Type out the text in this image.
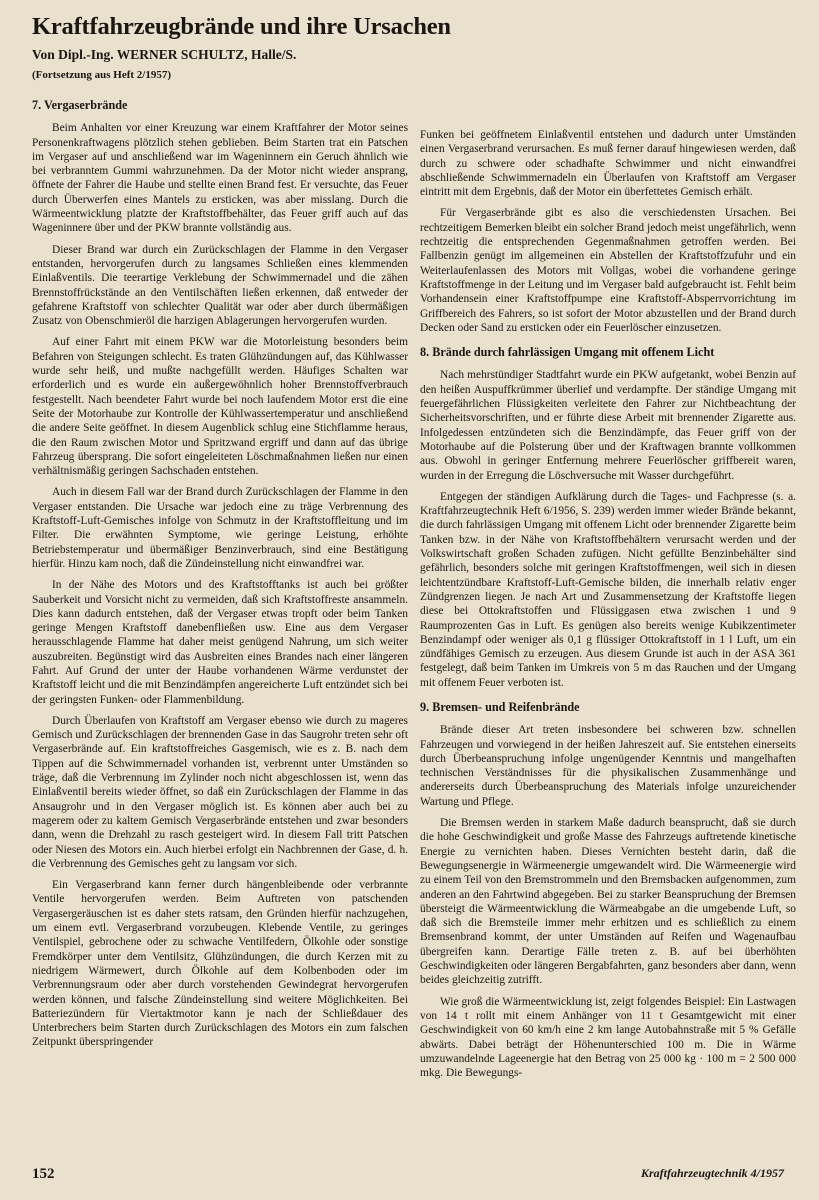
Kraftfahrzeugbrände und ihre Ursachen
Von Dipl.-Ing. WERNER SCHULTZ, Halle/S.
(Fortsetzung aus Heft 2/1957)
7. Vergaserbrände

Beim Anhalten vor einer Kreuzung war einem Kraftfahrer der Motor seines Personenkraftwagens plötzlich stehen geblieben. Beim Starten trat ein Patschen im Vergaser auf und anschließend war im Wageninnern ein Geruch ähnlich wie bei verbranntem Gummi wahrzunehmen. Da der Motor nicht wieder ansprang, öffnete der Fahrer die Haube und stellte einen Brand fest. Er versuchte, das Feuer durch Überwerfen eines Mantels zu ersticken, was aber misslang. Durch die Wärmeentwicklung platzte der Kraftstoffbehälter, das Feuer griff auch auf das Wageninnere über und der PKW brannte vollständig aus.

Dieser Brand war durch ein Zurückschlagen der Flamme in den Vergaser entstanden, hervorgerufen durch zu langsames Schließen eines klemmenden Einlaßventils. Die teerartige Verklebung der Schwimmernadel und die zähen Brennstoffrückstände an den Ventilschäften ließen erkennen, daß entweder der gefahrene Kraftstoff von schlechter Qualität war oder aber durch übermäßigen Zusatz von Obenschmieröl die harzigen Ablagerungen hervorgerufen wurden.

Auf einer Fahrt mit einem PKW war die Motorleistung besonders beim Befahren von Steigungen schlecht. Es traten Glühzündungen auf, das Kühlwasser wurde sehr heiß, und mußte nachgefüllt werden. Häufiges Schalten war erforderlich und es wurde ein außergewöhnlich hoher Brennstoffverbrauch festgestellt. Nach beendeter Fahrt wurde bei noch laufendem Motor erst die eine Seite der Motorhaube zur Kontrolle der Kühlwassertemperatur und anschließend die andere Seite geöffnet. In diesem Augenblick schlug eine Stichflamme heraus, die den Raum zwischen Motor und Spritzwand ergriff und dann auf das übrige Fahrzeug übersprang. Die sofort eingeleiteten Löschmaßnahmen ließen nur einen verhältnismäßig geringen Sachschaden entstehen.

Auch in diesem Fall war der Brand durch Zurückschlagen der Flamme in den Vergaser entstanden. Die Ursache war jedoch eine zu träge Verbrennung des Kraftstoff-Luft-Gemisches infolge von Schmutz in der Kraftstoffleitung und im Filter. Die erwähnten Symptome, wie geringe Leistung, erhöhte Betriebstemperatur und übermäßiger Benzinverbrauch, sind eine Bestätigung hierfür. Hinzu kam noch, daß die Zündeinstellung nicht einwandfrei war.

In der Nähe des Motors und des Kraftstofftanks ist auch bei größter Sauberkeit und Vorsicht nicht zu vermeiden, daß sich Kraftstoffreste ansammeln. Dies kann dadurch entstehen, daß der Vergaser etwas tropft oder beim Tanken geringe Mengen Kraftstoff danebenfließen usw. Eine aus dem Vergaser herausschlagende Flamme hat daher meist genügend Nahrung, um sich weiter auszubreiten. Begünstigt wird das Ausbreiten eines Brandes nach einer längeren Fahrt. Auf Grund der unter der Haube vorhandenen Wärme verdunstet der Kraftstoff leicht und die mit Benzindämpfen angereicherte Luft entzündet sich bei der geringsten Funken- oder Flammenbildung.

Durch Überlaufen von Kraftstoff am Vergaser ebenso wie durch zu mageres Gemisch und Zurückschlagen der brennenden Gase in das Saugrohr treten sehr oft Vergaserbrände auf. Ein kraftstoffreiches Gasgemisch, wie es z. B. nach dem Tippen auf die Schwimmernadel vorhanden ist, verbrennt unter Umständen so träge, daß die Verbrennung im Zylinder noch nicht abgeschlossen ist, wenn das Einlaßventil bereits wieder öffnet, so daß ein Zurückschlagen der Flamme in das Ansaugrohr und in den Vergaser möglich ist. Es können aber auch bei zu magerem oder zu kaltem Gemisch Vergaserbrände entstehen und zwar besonders dann, wenn die Drehzahl zu rasch gesteigert wird. In diesem Fall tritt Patschen oder Niesen des Motors ein. Auch hierbei erfolgt ein Nachbrennen der Gase, d. h. die Verbrennung des Gemisches geht zu langsam vor sich.

Ein Vergaserbrand kann ferner durch hängenbleibende oder verbrannte Ventile hervorgerufen werden. Beim Auftreten von patschenden Vergasergeräuschen ist es daher stets ratsam, den Gründen hierfür nachzugehen, um einem evtl. Vergaserbrand vorzubeugen. Klebende Ventile, zu geringes Ventilspiel, gebrochene oder zu schwache Ventilfedern, Ölkohle oder sonstige Fremdkörper unter dem Ventilsitz, Glühzündungen, die durch Kerzen mit zu niedrigem Wärmewert, durch Ölkohle auf dem Kolbenboden oder im Verbrennungsraum oder aber durch vorstehenden Gewindegrat hervorgerufen werden können, und falsche Zündeinstellung sind weitere Möglichkeiten. Bei Batteriezündern für Viertaktmotor kann je nach der Schließdauer des Unterbrechers beim Starten durch Zurückschlagen des Motors ein zum falschen Zeitpunkt überspringender

Funken bei geöffnetem Einlaßventil entstehen und dadurch unter Umständen einen Vergaserbrand verursachen. Es muß ferner darauf hingewiesen werden, daß durch zu schwere oder schadhafte Schwimmer und nicht einwandfrei abschließende Schwimmernadeln ein Überlaufen von Kraftstoff am Vergaser eintritt mit dem Ergebnis, daß der Motor ein überfettetes Gemisch erhält.

Für Vergaserbrände gibt es also die verschiedensten Ursachen. Bei rechtzeitigem Bemerken bleibt ein solcher Brand jedoch meist ungefährlich, wenn rechtzeitig die entsprechenden Gegenmaßnahmen getroffen werden. Bei Fallbenzin genügt im allgemeinen ein Abstellen der Kraftstoffzufuhr und ein Weiterlaufenlassen des Motors mit Vollgas, wobei die vorhandene geringe Kraftstoffmenge in der Leitung und im Vergaser bald aufgebraucht ist. Fehlt beim Vorhandensein einer Kraftstoffpumpe eine Kraftstoff-Absperrvorrichtung im Griffbereich des Fahrers, so ist sofort der Motor abzustellen und der Brand durch Decken oder Sand zu ersticken oder ein Feuerlöscher einzusetzen.

8. Brände durch fahrlässigen Umgang mit offenem Licht

Nach mehrstündiger Stadtfahrt wurde ein PKW aufgetankt, wobei Benzin auf den heißen Auspuffkrümmer überlief und verdampfte. Der ständige Umgang mit feuergefährlichen Flüssigkeiten verleitete den Fahrer zur Nichtbeachtung der Sicherheitsvorschriften, und er führte diese Arbeit mit brennender Zigarette aus. Infolgedessen entzündeten sich die Benzindämpfe, das Feuer griff von der Motorhaube auf die Polsterung über und der Kraftwagen brannte vollkommen aus. Obwohl in geringer Entfernung mehrere Feuerlöscher griffbereit waren, wurden in der Erregung die Löschversuche mit Wasser durchgeführt.

Entgegen der ständigen Aufklärung durch die Tages- und Fachpresse (s. a. Kraftfahrzeugtechnik Heft 6/1956, S. 239) werden immer wieder Brände bekannt, die durch fahrlässigen Umgang mit offenem Licht oder brennender Zigarette beim Tanken bzw. in der Nähe von Kraftstoffbehältern verursacht werden und der Volkswirtschaft großen Schaden zufügen. Nicht gefüllte Benzinbehälter sind gefährlich, besonders solche mit geringen Kraftstoffmengen, weil sich in diesen leichtentzündbare Kraftstoff-Luft-Gemische bilden, die innerhalb relativ enger Zündgrenzen liegen. Je nach Art und Zusammensetzung der Kraftstoffe liegen diese bei Ottokraftstoffen und Flüssiggasen etwa zwischen 1 und 9 Raumprozenten Gas in Luft. Es genügen also bereits wenige Kubikzentimeter Benzindampf oder weniger als 0,1 g flüssiger Ottokraftstoff in 1 l Luft, um ein zündfähiges Gemisch zu erzeugen. Aus diesem Grunde ist auch in der ASA 361 festgelegt, daß beim Tanken im Umkreis von 5 m das Rauchen und der Umgang mit offenem Feuer verboten ist.

9. Bremsen- und Reifenbrände

Brände dieser Art treten insbesondere bei schweren bzw. schnellen Fahrzeugen und vorwiegend in der heißen Jahreszeit auf. Sie entstehen einerseits durch Überbeanspruchung infolge ungenügender Kenntnis und mangelhaften technischen Verständnisses für die physikalischen Zusammenhänge und andererseits durch Überbeanspruchung des Materials infolge unzureichender Wartung und Pflege.

Die Bremsen werden in starkem Maße dadurch beansprucht, daß sie durch die hohe Geschwindigkeit und große Masse des Fahrzeugs auftretende kinetische Energie zu vernichten haben. Dieses Vernichten besteht darin, daß die Bewegungsenergie in Wärmeenergie umgewandelt wird. Die Wärmeenergie wird zu einem Teil von den Bremstrommeln und den Bremsbacken aufgenommen, zum anderen an den Fahrtwind abgegeben. Bei zu starker Beanspruchung der Bremsen übersteigt die Wärmeentwicklung die Wärmeabgabe an die umgebende Luft, so daß sich die Bremsteile immer mehr erhitzen und es schließlich zu einem Bremsenbrand kommt, der unter Umständen auf Reifen und Wagenaufbau übergreifen kann. Derartige Fälle treten z. B. auf bei überhöhten Geschwindigkeiten oder längeren Bergabfahrten, ganz besonders aber dann, wenn beides gleichzeitig zutrifft.

Wie groß die Wärmeentwicklung ist, zeigt folgendes Beispiel: Ein Lastwagen von 14 t rollt mit einem Anhänger von 11 t Gesamtgewicht mit einer Geschwindigkeit von 60 km/h eine 2 km lange Autobahnstraße mit 5 % Gefälle abwärts. Dabei beträgt der Höhenunterschied 100 m. Die in Wärme umzuwandelnde Lageenergie hat den Betrag von 25 000 kg · 100 m = 2 500 000 mkg. Die Bewegungs-

152	Kraftfahrzeugtechnik 4/1957
